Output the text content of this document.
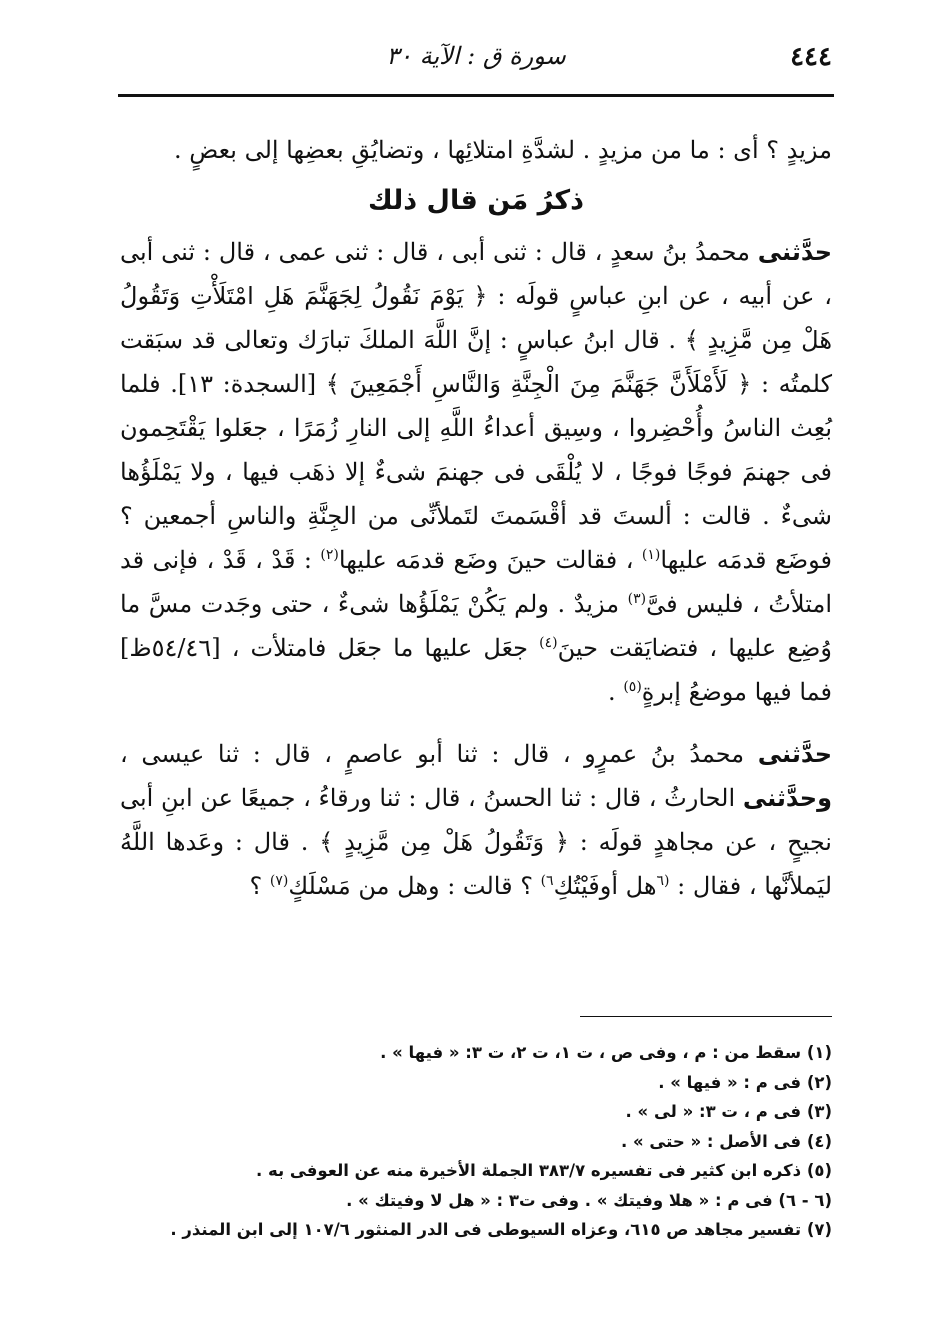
٤٤٤
سورة ق : الآية ٣٠

مزيدٍ ؟ أى : ما من مزيدٍ . لشدَّةِ امتلائِها ، وتضايُقِ بعضِها إلى بعضٍ .

ذكرُ مَن قال ذلك

حدَّثنى محمدُ بنُ سعدٍ ، قال : ثنى أبى ، قال : ثنى عمى ، قال : ثنى أبى ، عن أبيه ، عن ابنِ عباسٍ قولَه : ﴿ يَوْمَ نَقُولُ لِجَهَنَّمَ هَلِ امْتَلَأْتِ وَتَقُولُ هَلْ مِن مَّزِيدٍ ﴾ . قال ابنُ عباسٍ : إنَّ اللَّهَ الملكَ تبارَك وتعالى قد سبَقت كلمتُه : ﴿ لَأَمْلَأَنَّ جَهَنَّمَ مِنَ الْجِنَّةِ وَالنَّاسِ أَجْمَعِينَ ﴾ [السجدة: ١٣]. فلما بُعِث الناسُ وأُحْضِروا ، وسِيق أعداءُ اللَّهِ إلى النارِ زُمَرًا ، جعَلوا يَقْتَحِمون فى جهنمَ فوجًا فوجًا ، لا يُلْقَى فى جهنمَ شىءٌ إلا ذهَب فيها ، ولا يَمْلَؤُها شىءٌ . قالت : ألستَ قد أقْسَمتَ لتَملأنِّى من الجِنَّةِ والناسِ أجمعين ؟ فوضَع قدمَه عليها$^{(١)}$ ، فقالت حينَ وضَع قدمَه عليها$^{(٢)}$ : قَدْ ، قَدْ ، فإنى قد امتلأتُ ، فليس فىَّ$^{(٣)}$ مزيدٌ . ولم يَكُنْ يَمْلَؤُها شىءٌ ، حتى وجَدت مسَّ ما وُضِع عليها ، فتضايَقت حينَ$^{(٤)}$ جعَل عليها ما جعَل فامتلأت ، [٥٤/٤٦ظ] فما فيها موضعُ إبرةٍ$^{(٥)}$ .

حدَّثنى محمدُ بنُ عمرٍو ، قال : ثنا أبو عاصمٍ ، قال : ثنا عيسى ، وحدَّثنى الحارثُ ، قال : ثنا الحسنُ ، قال : ثنا ورقاءُ ، جميعًا عن ابنِ أبى نجيحٍ ، عن مجاهدٍ قولَه : ﴿ وَتَقُولُ هَلْ مِن مَّزِيدٍ ﴾ . قال : وعَدها اللَّهُ ليَملأنَّها ، فقال : $^{(٦}$هل أوفَيْتُكِ$^{٦)}$ ؟ قالت : وهل من مَسْلَكٍ$^{(٧)}$ ؟

(١) سقط من : م ، وفى ص ، ت ١، ت ٢، ت ٣: « فيها » .

(٢) فى م : « فيها » .

(٣) فى م ، ت ٣: « لى » .

(٤) فى الأصل : « حتى » .

(٥) ذكره ابن كثير فى تفسيره ٣٨٣/٧ الجملة الأخيرة منه عن العوفى به .

(٦ - ٦) فى م : « هلا وفيتك » . وفى ت٣ : « هل لا وفيتك » .

(٧) تفسير مجاهد ص ٦١٥، وعزاه السيوطى فى الدر المنثور ١٠٧/٦ إلى ابن المنذر .
